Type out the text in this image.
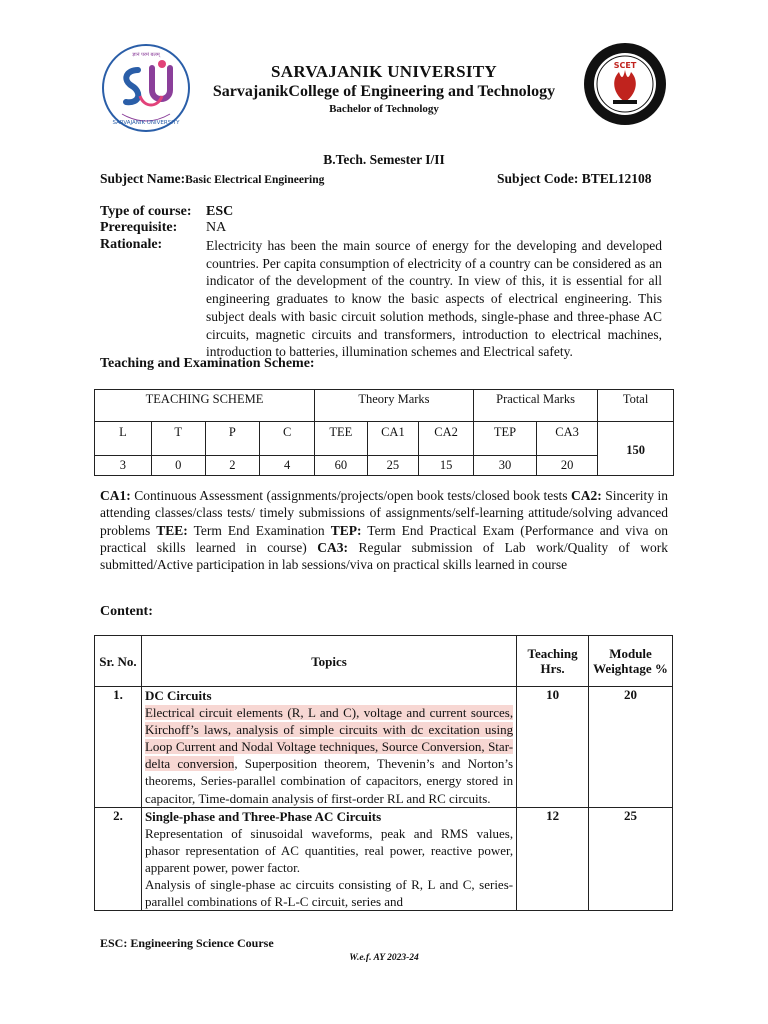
ज्ञानं परमं बलम्
SARVAJANIK UNIVERSITY
SCET
SARVAJANIK UNIVERSITY
SarvajanikCollege of Engineering and Technology
Bachelor of Technology
B.Tech. Semester I/II
Subject Name:Basic Electrical Engineering	Subject Code: BTEL12108
Type of course: ESC
Prerequisite: NA
Rationale:	Electricity has been the main source of energy for the developing and developed countries. Per capita consumption of electricity of a country can be considered as an indicator of the development of the country. In view of this, it is essential for all engineering graduates to know the basic aspects of electrical engineering. This subject deals with basic circuit solution methods, single-phase and three-phase AC circuits, magnetic circuits and transformers, introduction to electrical machines, introduction to batteries, illumination schemes and Electrical safety.
Teaching and Examination Scheme:
TEACHING SCHEME				Theory Marks			Practical Marks		Total
L	T	P	C	TEE	CA1	CA2	TEP	CA3	150
3	0	2	4	60	25	15	30	20	
CA1: Continuous Assessment (assignments/projects/open book tests/closed book tests CA2: Sincerity in attending classes/class tests/ timely submissions of assignments/self-learning attitude/solving advanced problems TEE: Term End Examination TEP: Term End Practical Exam (Performance and viva on practical skills learned in course) CA3: Regular submission of Lab work/Quality of work submitted/Active participation in lab sessions/viva on practical skills learned in course
Content:
Sr. No.	Topics	Teaching Hrs.	Module Weightage %
1.	DC Circuits
Electrical circuit elements (R, L and C), voltage and current sources, Kirchoff’s laws, analysis of simple circuits with dc excitation using Loop Current and Nodal Voltage techniques, Source Conversion, Star-delta conversion, Superposition theorem, Thevenin’s and Norton’s theorems, Series-parallel combination of capacitors, energy stored in capacitor, Time-domain analysis of first-order RL and RC circuits.	10	20
2.	Single-phase and Three-Phase AC Circuits
Representation of sinusoidal waveforms, peak and RMS values, phasor representation of AC quantities, real power, reactive power, apparent power, power factor.
Analysis of single-phase ac circuits consisting of R, L and C, series-parallel combinations of R-L-C circuit, series and	12	25
ESC: Engineering Science Course
W.e.f. AY 2023-24
